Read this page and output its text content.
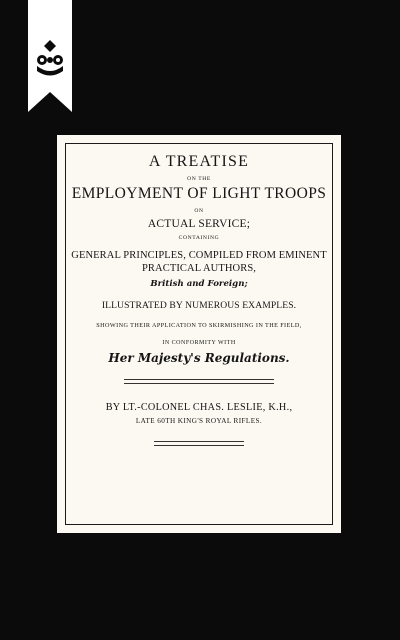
A TREATISE
ON THE
EMPLOYMENT OF LIGHT TROOPS
ON
ACTUAL SERVICE;
CONTAINING
GENERAL PRINCIPLES, COMPILED FROM EMINENT
PRACTICAL AUTHORS,
British and Foreign;
ILLUSTRATED BY NUMEROUS EXAMPLES.
SHOWING THEIR APPLICATION TO SKIRMISHING IN THE FIELD,
IN CONFORMITY WITH
Her Majesty's Regulations.
BY LT.-COLONEL CHAS. LESLIE, K.H.,
LATE 60TH KING'S ROYAL RIFLES.
